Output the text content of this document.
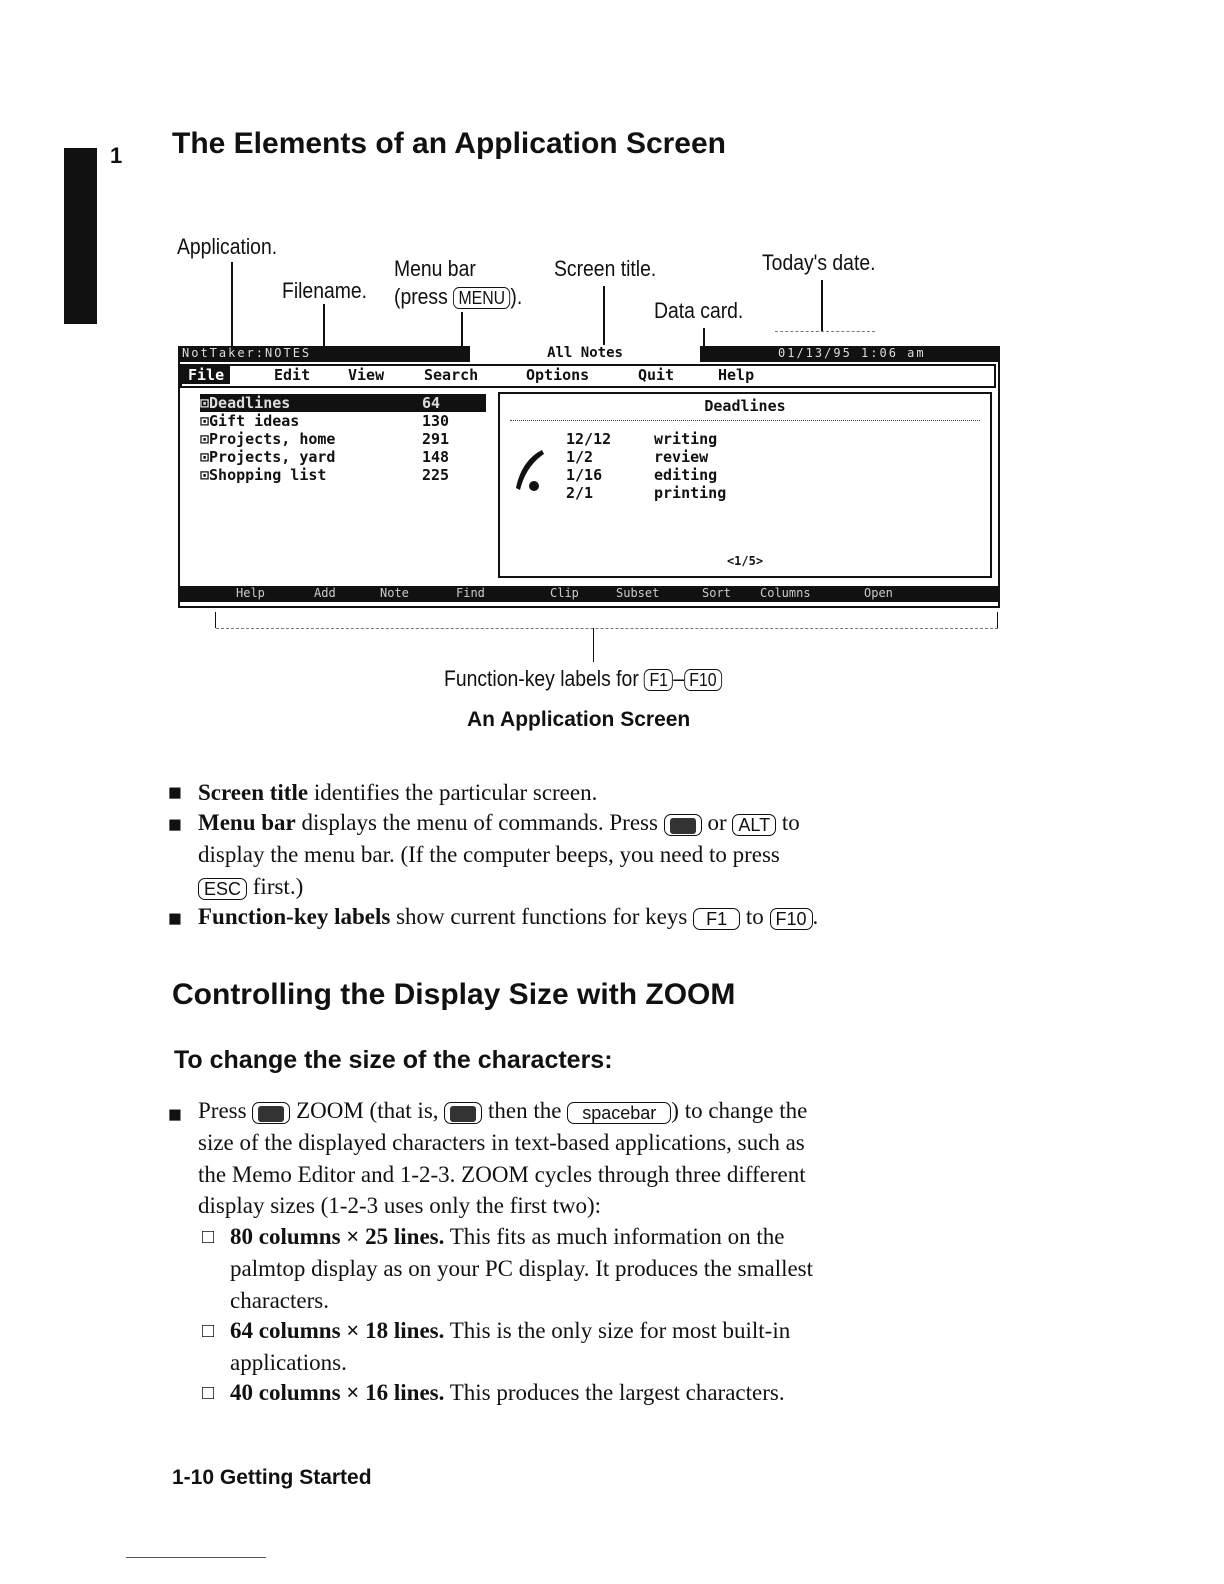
1 The Elements of an Application Screen
Application.
Filename.
Menu bar
(press MENU ).
Screen title.
Data card.
Today's date.
NotTaker:NOTES	01/13/95 1:06 am
All Notes
File	Edit	View	Search	Options	Quit	Help
⊡Deadlines	64
⊡Gift ideas	130
⊡Projects, home	291
⊡Projects, yard	148
⊡Shopping list	225
Deadlines
12/12	writing
1/2	review
1/16	editing
2/1	printing
<1/5>
Help	Add	Note	Find	Clip	Subset	Sort Columns	Open
Function-key labels for F1 – F10
An Application Screen
■ Screen title identifies the particular screen.
■ Menu bar displays the menu of commands. Press or ALT to
display the menu bar. (If the computer beeps, you need to press
ESC first.)
■ Function-key labels show current functions for keys F1 to F10 .
Controlling the Display Size with ZOOM
To change the size of the characters:
■ Press ZOOM (that is, then the spacebar ) to change the
size of the displayed characters in text-based applications, such as
the Memo Editor and 1-2-3. ZOOM cycles through three different
display sizes (1-2-3 uses only the first two):
□ 80 columns × 25 lines. This fits as much information on the
palmtop display as on your PC display. It produces the smallest
characters.
□ 64 columns × 18 lines. This is the only size for most built-in
applications.
□ 40 columns × 16 lines. This produces the largest characters.
1-10 Getting Started
